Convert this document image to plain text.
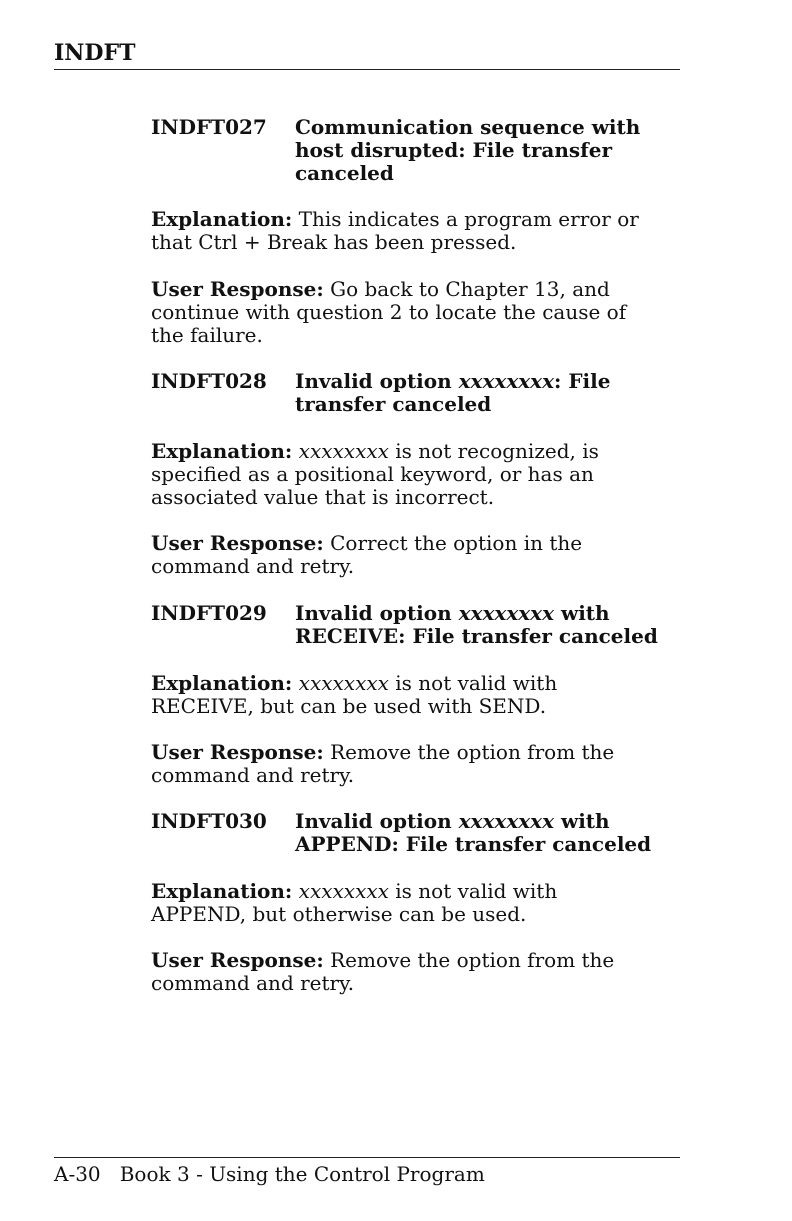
INDFT
INDFT027 Communication sequence with
host disrupted: File transfer
canceled
Explanation: This indicates a program error or
that Ctrl + Break has been pressed.
User Response: Go back to Chapter 13, and
continue with question 2 to locate the cause of
the failure.
INDFT028 Invalid option xxxxxxxx: File
transfer canceled
Explanation: xxxxxxxx is not recognized, is
specified as a positional keyword, or has an
associated value that is incorrect.
User Response: Correct the option in the
command and retry.
INDFT029 Invalid option xxxxxxxx with
RECEIVE: File transfer canceled
Explanation: xxxxxxxx is not valid with
RECEIVE, but can be used with SEND.
User Response: Remove the option from the
command and retry.
INDFT030 Invalid option xxxxxxxx with
APPEND: File transfer canceled
Explanation: xxxxxxxx is not valid with
APPEND, but otherwise can be used.
User Response: Remove the option from the
command and retry.
A-30 Book 3 - Using the Control Program
